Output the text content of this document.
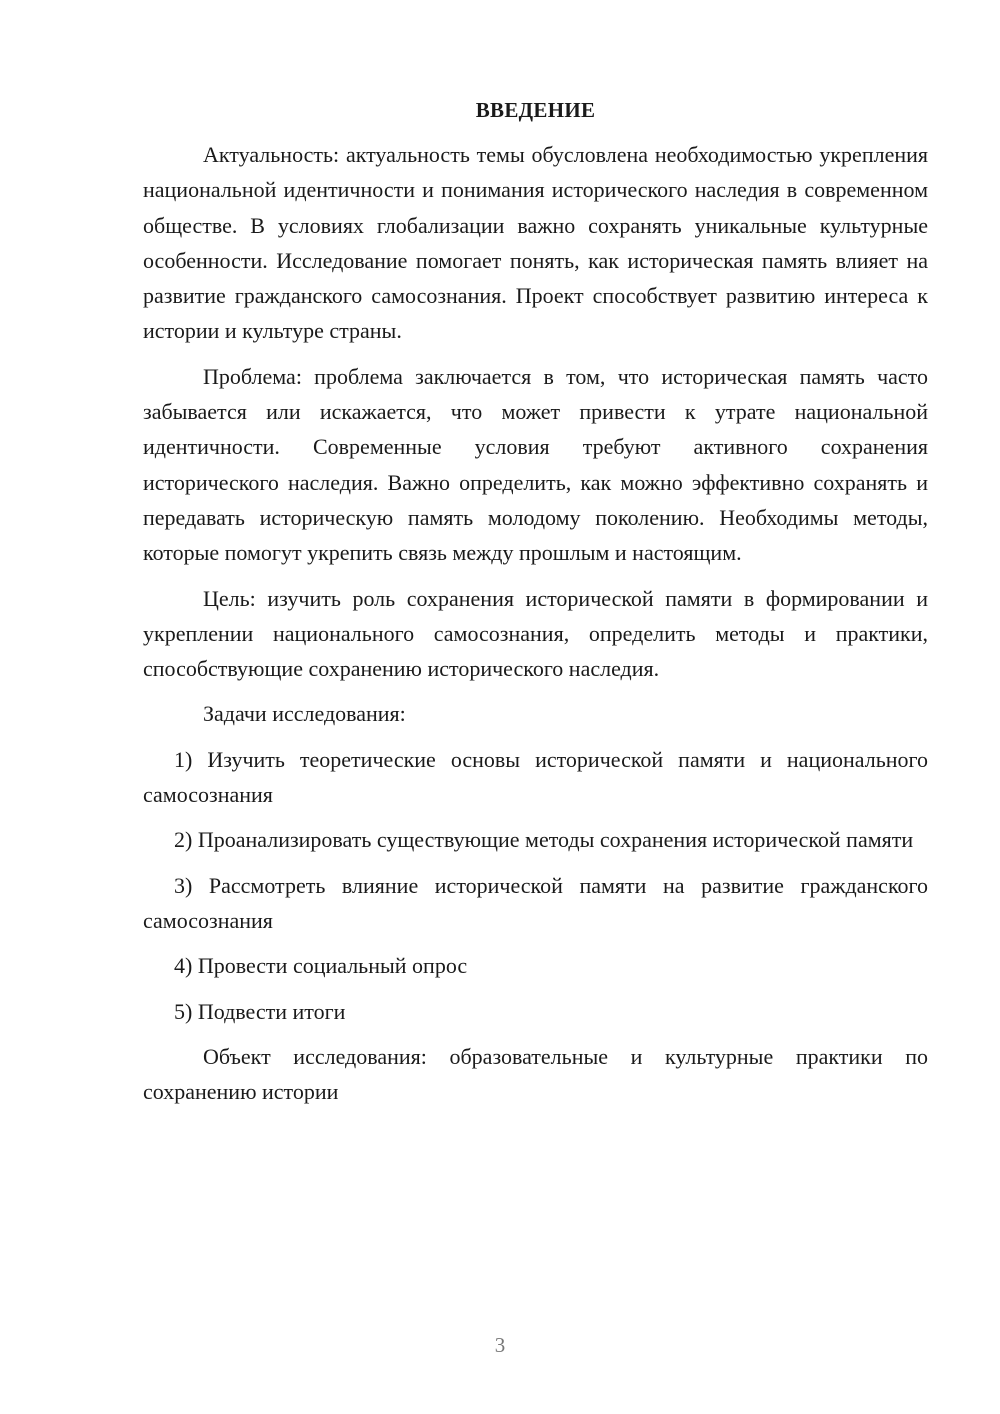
ВВЕДЕНИЕ

Актуальность: актуальность темы обусловлена необходимостью укрепления национальной идентичности и понимания исторического наследия в современном обществе. В условиях глобализации важно сохранять уникальные культурные особенности. Исследование помогает понять, как историческая память влияет на развитие гражданского самосознания. Проект способствует развитию интереса к истории и культуре страны.

Проблема: проблема заключается в том, что историческая память часто забывается или искажается, что может привести к утрате национальной идентичности. Современные условия требуют активного сохранения исторического наследия. Важно определить, как можно эффективно сохранять и передавать историческую память молодому поколению. Необходимы методы, которые помогут укрепить связь между прошлым и настоящим.

Цель: изучить роль сохранения исторической памяти в формировании и укреплении национального самосознания, определить методы и практики, способствующие сохранению исторического наследия.

Задачи исследования:

1) Изучить теоретические основы исторической памяти и национального самосознания

2) Проанализировать существующие методы сохранения исторической памяти

3) Рассмотреть влияние исторической памяти на развитие гражданского самосознания

4) Провести социальный опрос

5) Подвести итоги

Объект исследования: образовательные и культурные практики по сохранению истории

3
